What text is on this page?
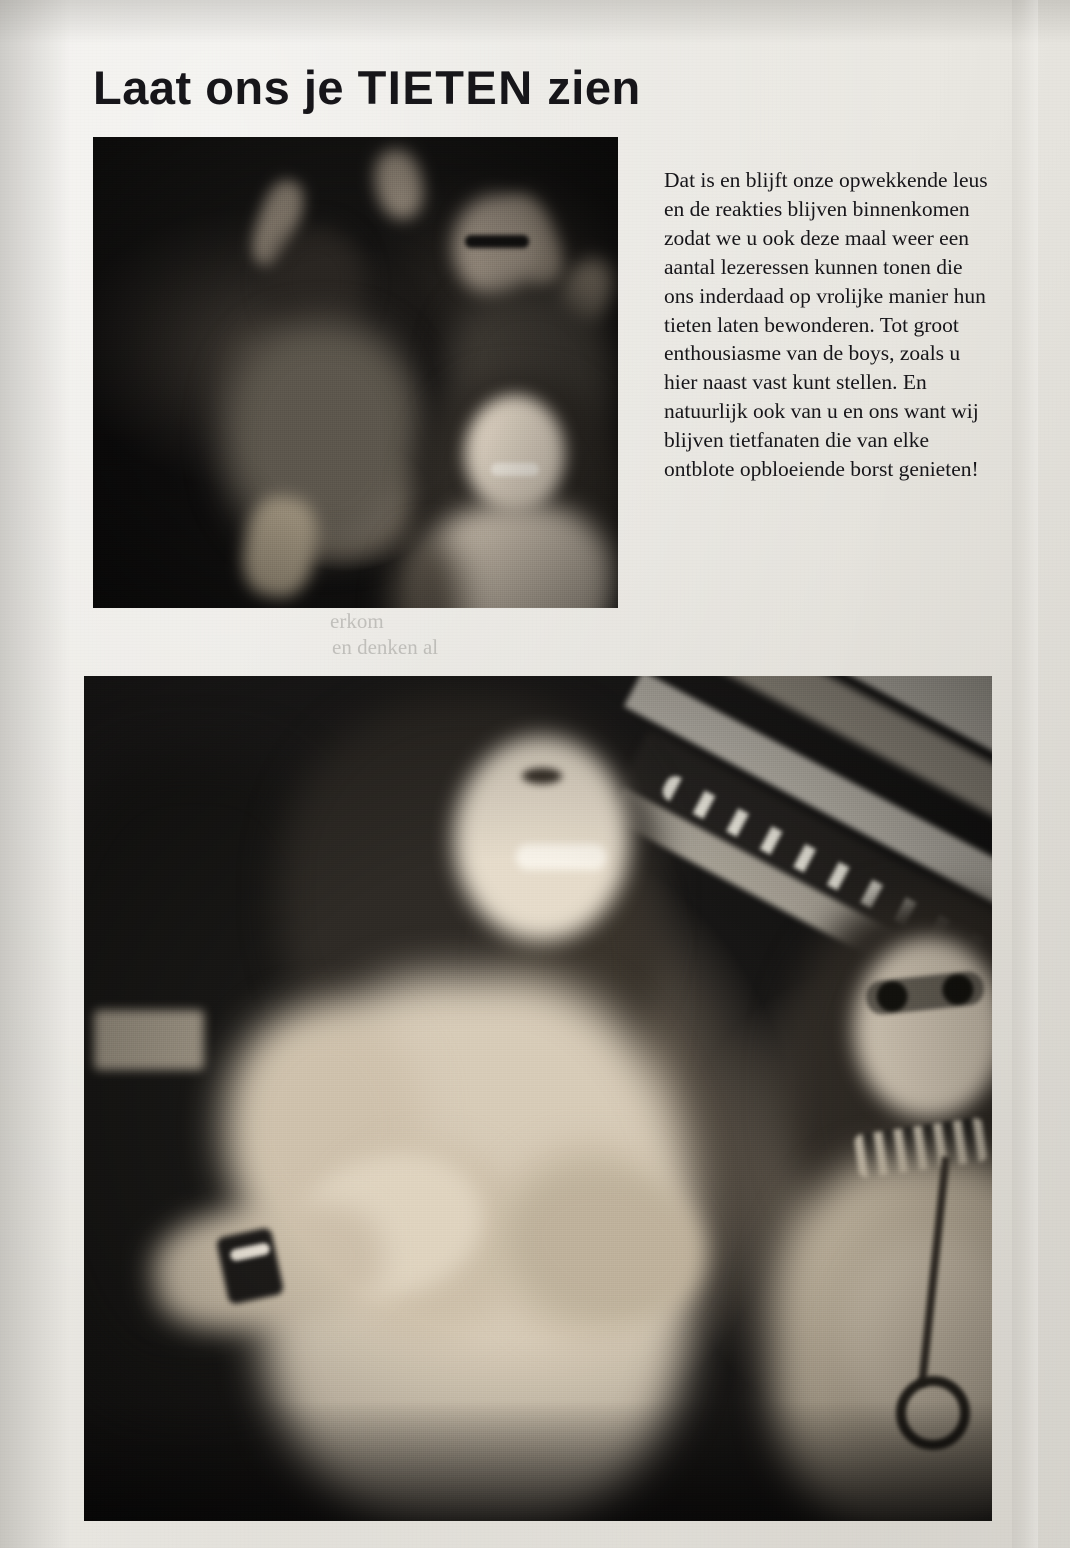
Laat ons je TIETEN zien

Dat is en blijft onze opwekkende leus en de reakties blijven binnenkomen zodat we u ook deze maal weer een aantal lezeressen kunnen tonen die ons inderdaad op vrolijke manier hun tieten laten bewonderen. Tot groot enthousiasme van de boys, zoals u hier naast vast kunt stellen. En natuurlijk ook van u en ons want wij blijven tietfanaten die van elke ontblote opbloeiende borst genieten!

erkom
en denken al
